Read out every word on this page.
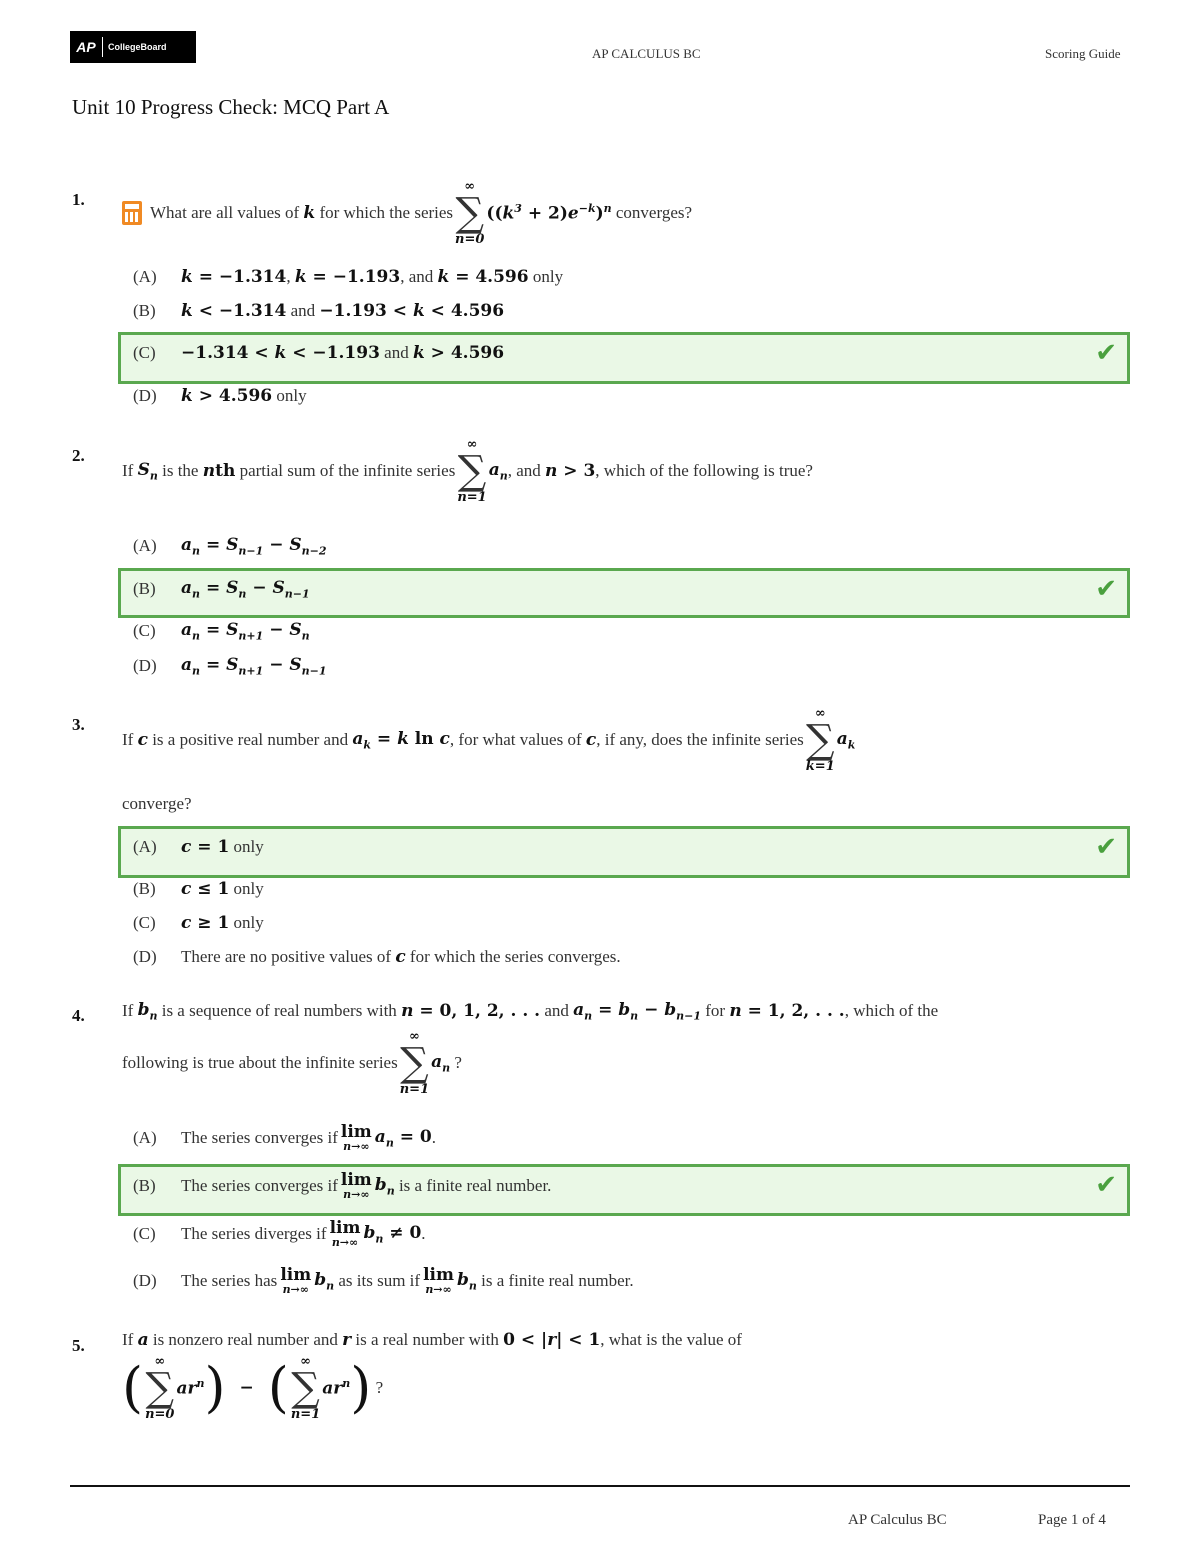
AP	CollegeBoard	AP CALCULUS BC	Scoring Guide
Unit 10 Progress Check: MCQ Part A
1.
What are all values of
k
for which the series
∞
∑
n=0
$((k^3 + 2)e^{-k})^n$
converges?
(A)	k = −1.314 ,
k = −1.193 , and
k = 4.596
only
(B)	k < −1.314
and
−1.193 < k < 4.596
✔
(C)	−1.314 < k < −1.193
and
k > 4.596
(D)	k > 4.596
only
2.
If
$S_n$
is the
nth
partial sum of the infinite series
∞
∑
n=1
$a_n$ , and
n > 3 , which of the following is true?
(A)	$a_n = S_{n-1} - S_{n-2}$
✔
(B)	$a_n = S_n - S_{n-1}$
(C)	$a_n = S_{n+1} - S_n$
(D)	$a_n = S_{n+1} - S_{n-1}$
3.
If
c
is a positive real number and
$a_k = k$ ln c , for what values of
c , if any, does the infinite series
∞
∑
k=1
$a_k$
converge?
✔
(A)	c = 1
only
(B)	c ≤ 1
only
(C)	c ≥ 1
only
(D)	There are no positive values of
c
for which the series converges.
4. If
$b_n$
is a sequence of real numbers with
n = 0, 1, 2, . . .
and
$a_n = b_n - b_{n-1}$
for
n = 1, 2, . . . , which of the
following is true about the infinite series
∞
∑
n=1
$a_n$
?
(A)	The series converges if lim
n→∞ $a_n = 0$ .
✔
(B)	The series converges if lim
n→∞ $b_n$
is a finite real number.
(C)	The series diverges if lim
n→∞ $b_n \ne 0$ .
(D)	The series has lim
n→∞ $b_n$
as its sum if lim
n→∞ $b_n$
is a finite real number.
5. If
a
is nonzero real number and
r
is a real number with
0 < |r| < 1 , what is the value of
( ∞
∑
n=0
$ar^n$ ) − ( ∞
∑
n=1
$ar^n$ )
?
AP Calculus BC	Page 1 of 4
